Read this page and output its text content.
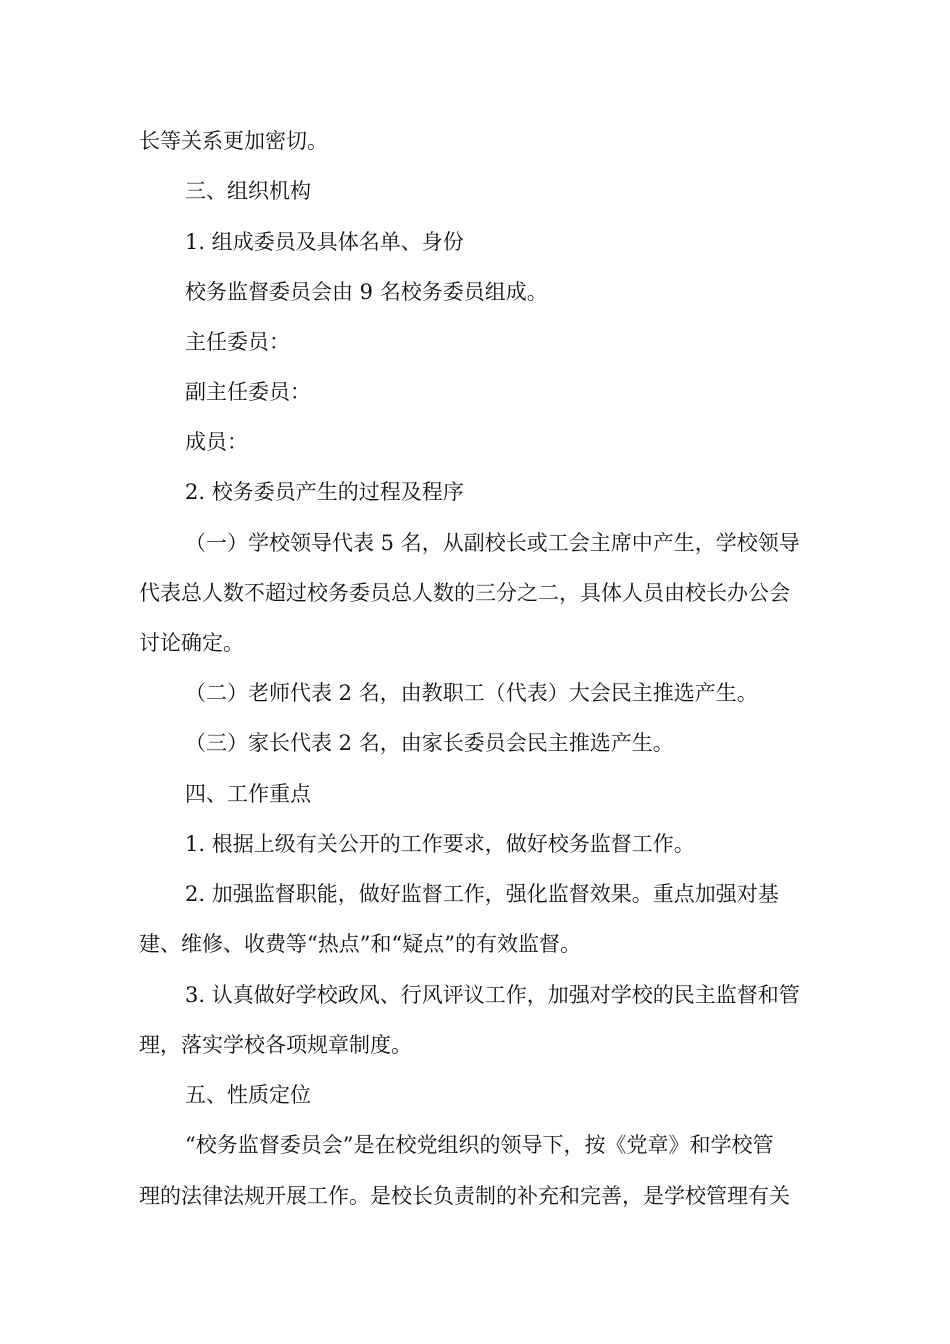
长等关系更加密切。

三、组织机构

1. 组成委员及具体名单、身份

校务监督委员会由 9 名校务委员组成。

主任委员：

副主任委员：

成员：

2. 校务委员产生的过程及程序

（一）学校领导代表 5 名，从副校长或工会主席中产生，学校领导

代表总人数不超过校务委员总人数的三分之二，具体人员由校长办公会

讨论确定。

（二）老师代表 2 名，由教职工（代表）大会民主推选产生。

（三）家长代表 2 名，由家长委员会民主推选产生。

四、工作重点

1. 根据上级有关公开的工作要求，做好校务监督工作。

2. 加强监督职能，做好监督工作，强化监督效果。重点加强对基

建、维修、收费等“热点”和“疑点”的有效监督。

3. 认真做好学校政风、行风评议工作，加强对学校的民主监督和管

理，落实学校各项规章制度。

五、性质定位

“校务监督委员会”是在校党组织的领导下，按《党章》和学校管

理的法律法规开展工作。是校长负责制的补充和完善，是学校管理有关
